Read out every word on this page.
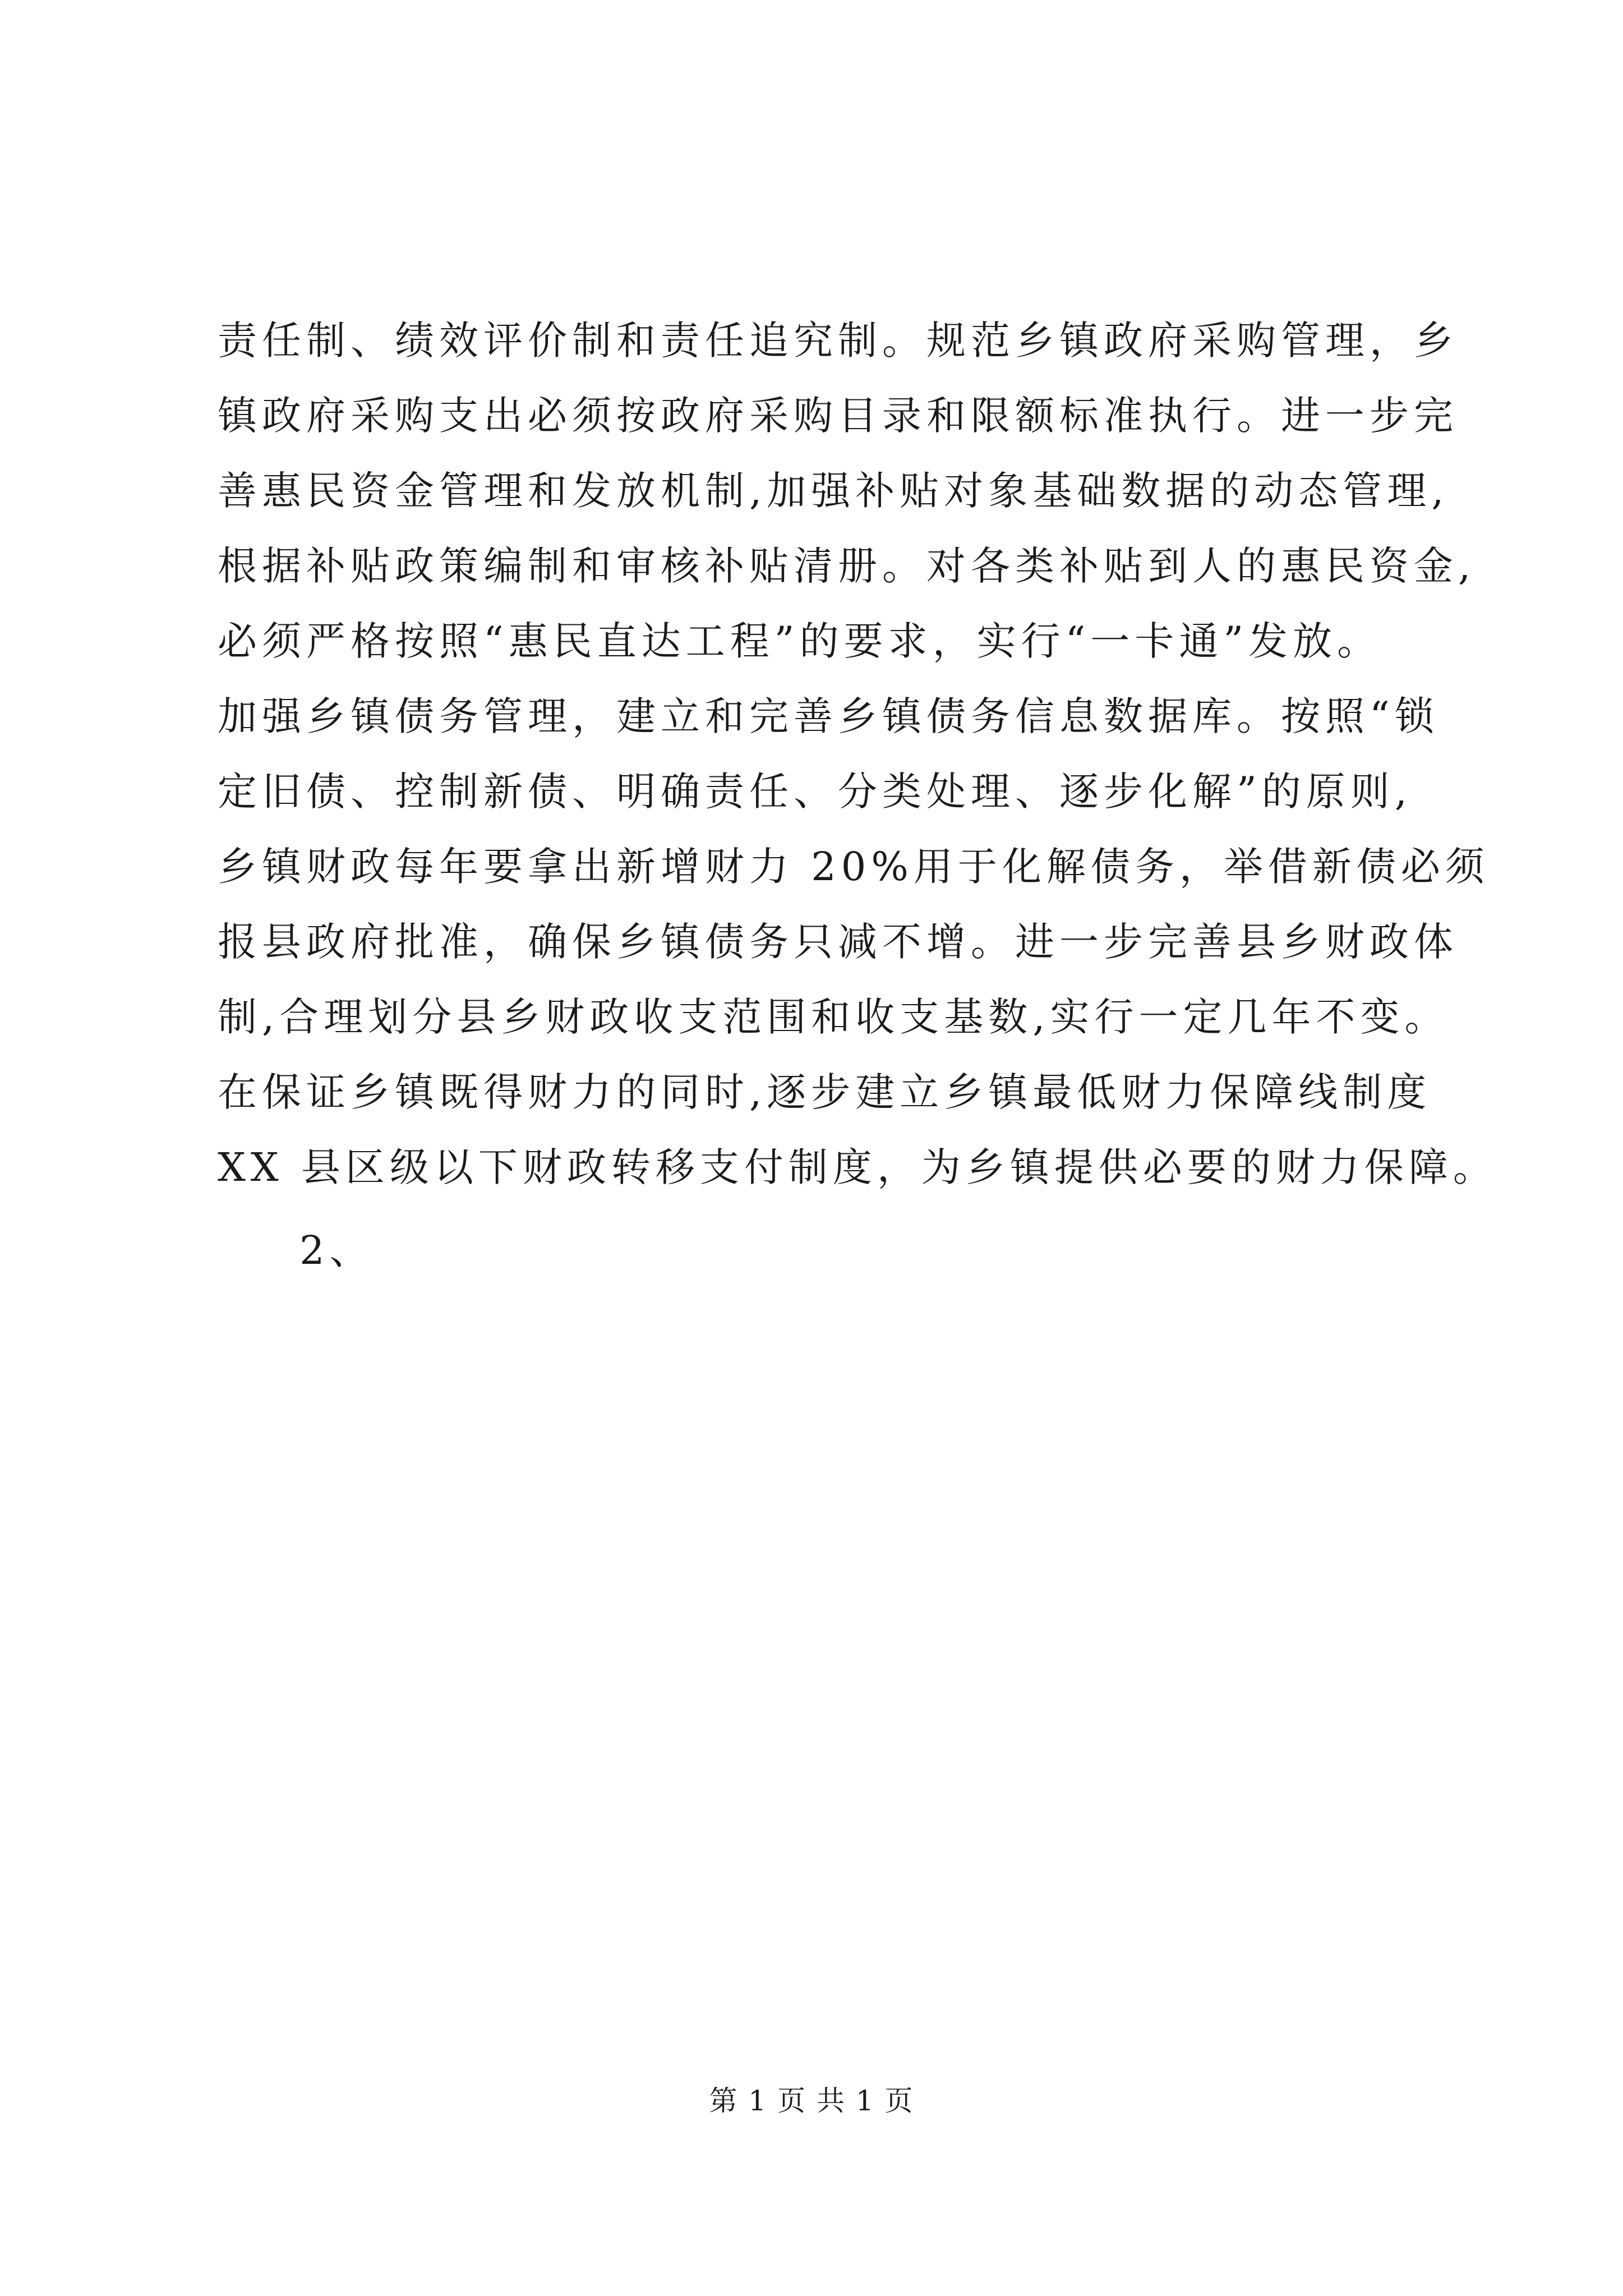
责任制、绩效评价制和责任追究制。规范乡镇政府采购管理，乡
镇政府采购支出必须按政府采购目录和限额标准执行。进一步完
善惠民资金管理和发放机制,加强补贴对象基础数据的动态管理,
根据补贴政策编制和审核补贴清册。对各类补贴到人的惠民资金,
必须严格按照“惠民直达工程”的要求，实行“一卡通”发放。
加强乡镇债务管理，建立和完善乡镇债务信息数据库。按照“锁
定旧债、控制新债、明确责任、分类处理、逐步化解”的原则,
乡镇财政每年要拿出新增财力 20%用于化解债务，举借新债必须
报县政府批准，确保乡镇债务只减不增。进一步完善县乡财政体
制,合理划分县乡财政收支范围和收支基数,实行一定几年不变。
在保证乡镇既得财力的同时,逐步建立乡镇最低财力保障线制度
XX 县区级以下财政转移支付制度，为乡镇提供必要的财力保障。
2、
第 1 页 共 1 页
